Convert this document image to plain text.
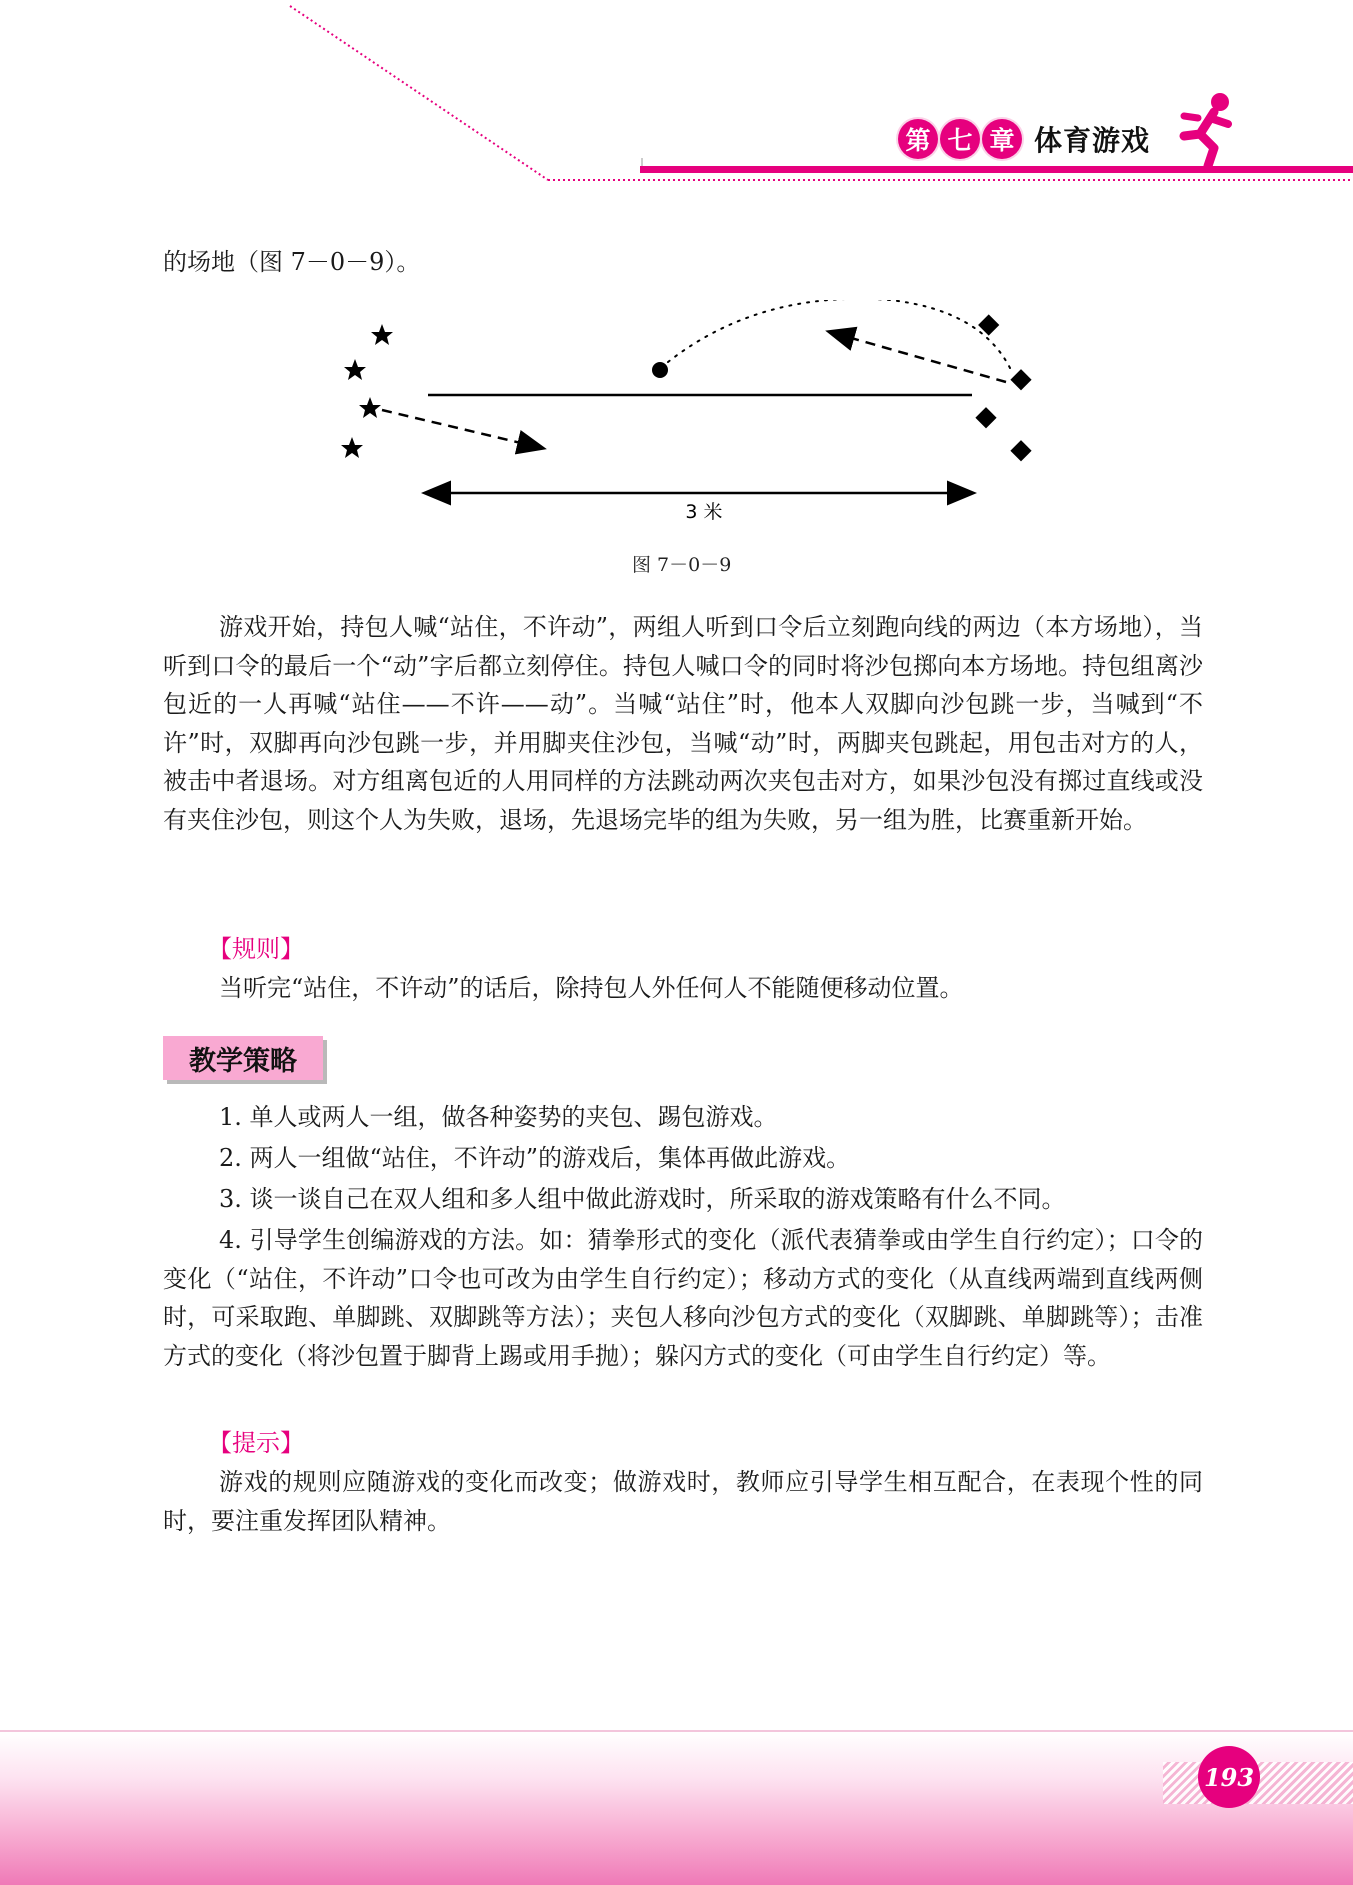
第 七 章 体育游戏

的场地（图 7－0－9）。

3 米
图 7－0－9

游戏开始，持包人喊“站住，不许动”，两组人听到口令后立刻跑向线的两边（本方场地），当听到口令的最后一个“动”字后都立刻停住。持包人喊口令的同时将沙包掷向本方场地。持包组离沙包近的一人再喊“站住——不许——动”。当喊“站住”时，他本人双脚向沙包跳一步，当喊到“不许”时，双脚再向沙包跳一步，并用脚夹住沙包，当喊“动”时，两脚夹包跳起，用包击对方的人，被击中者退场。对方组离包近的人用同样的方法跳动两次夹包击对方，如果沙包没有掷过直线或没有夹住沙包，则这个人为失败，退场，先退场完毕的组为失败，另一组为胜，比赛重新开始。

【规则】

当听完“站住，不许动”的话后，除持包人外任何人不能随便移动位置。

教学策略

1. 单人或两人一组，做各种姿势的夹包、踢包游戏。

2. 两人一组做“站住，不许动”的游戏后，集体再做此游戏。

3. 谈一谈自己在双人组和多人组中做此游戏时，所采取的游戏策略有什么不同。

4. 引导学生创编游戏的方法。如：猜拳形式的变化（派代表猜拳或由学生自行约定）；口令的变化（“站住，不许动”口令也可改为由学生自行约定）；移动方式的变化（从直线两端到直线两侧时，可采取跑、单脚跳、双脚跳等方法）；夹包人移向沙包方式的变化（双脚跳、单脚跳等）；击准方式的变化（将沙包置于脚背上踢或用手抛）；躲闪方式的变化（可由学生自行约定）等。

【提示】

游戏的规则应随游戏的变化而改变；做游戏时，教师应引导学生相互配合，在表现个性的同时，要注重发挥团队精神。

193
